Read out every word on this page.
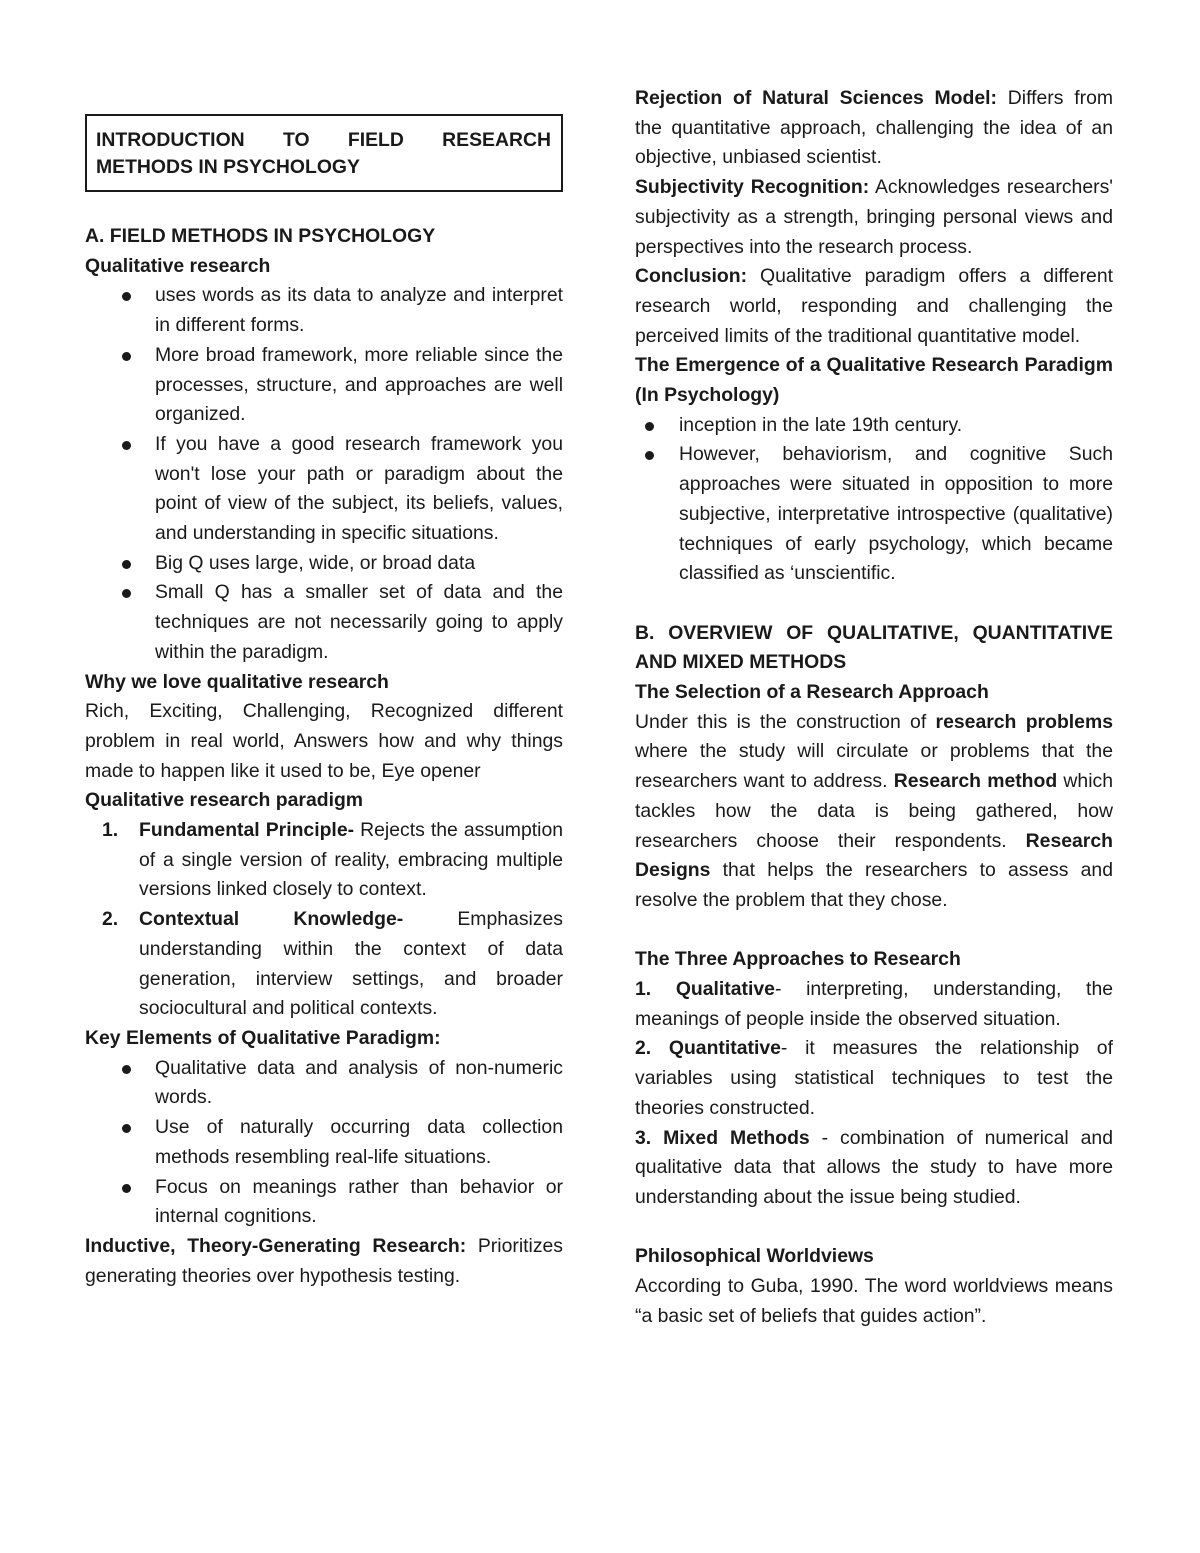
INTRODUCTION TO FIELD RESEARCH METHODS IN PSYCHOLOGY
A. FIELD METHODS IN PSYCHOLOGY
Qualitative research
uses words as its data to analyze and interpret in different forms.
More broad framework, more reliable since the processes, structure, and approaches are well organized.
If you have a good research framework you won't lose your path or paradigm about the point of view of the subject, its beliefs, values, and understanding in specific situations.
Big Q uses large, wide, or broad data
Small Q has a smaller set of data and the techniques are not necessarily going to apply within the paradigm.
Why we love qualitative research

Rich, Exciting, Challenging, Recognized different problem in real world, Answers how and why things made to happen like it used to be, Eye opener

Qualitative research paradigm
1. Fundamental Principle- Rejects the assumption of a single version of reality, embracing multiple versions linked closely to context.
2. Contextual Knowledge-	Emphasizes understanding within the context of data generation, interview settings, and broader sociocultural and political contexts.
Key Elements of Qualitative Paradigm:
Qualitative data and analysis of non-numeric words.
Use of naturally occurring data collection methods resembling real-life situations.
Focus on meanings rather than behavior or internal cognitions.

Inductive, Theory-Generating Research: Prioritizes generating theories over hypothesis testing.

Rejection of Natural Sciences Model: Differs from the quantitative approach, challenging the idea of an objective, unbiased scientist.

Subjectivity Recognition: Acknowledges researchers' subjectivity as a strength, bringing personal views and perspectives into the research process.

Conclusion: Qualitative paradigm offers a different research world, responding and challenging the perceived limits of the traditional quantitative model.

The Emergence of a Qualitative Research Paradigm (In Psychology)
inception in the late 19th century.
However, behaviorism, and cognitive Such approaches were situated in opposition to more subjective, interpretative introspective (qualitative) techniques of early psychology, which became classified as ‘unscientific.
B. OVERVIEW OF QUALITATIVE, QUANTITATIVE AND MIXED METHODS
The Selection of a Research Approach

Under this is the construction of research problems where the study will circulate or problems that the researchers want to address. Research method which tackles how the data is being gathered, how researchers choose their respondents. Research Designs that helps the researchers to assess and resolve the problem that they chose.

The Three Approaches to Research

1. Qualitative- interpreting, understanding, the meanings of people inside the observed situation.

2. Quantitative- it measures the relationship of variables using statistical techniques to test the theories constructed.

3. Mixed Methods - combination of numerical and qualitative data that allows the study to have more understanding about the issue being studied.

Philosophical Worldviews

According to Guba, 1990. The word worldviews means “a basic set of beliefs that guides action”.
